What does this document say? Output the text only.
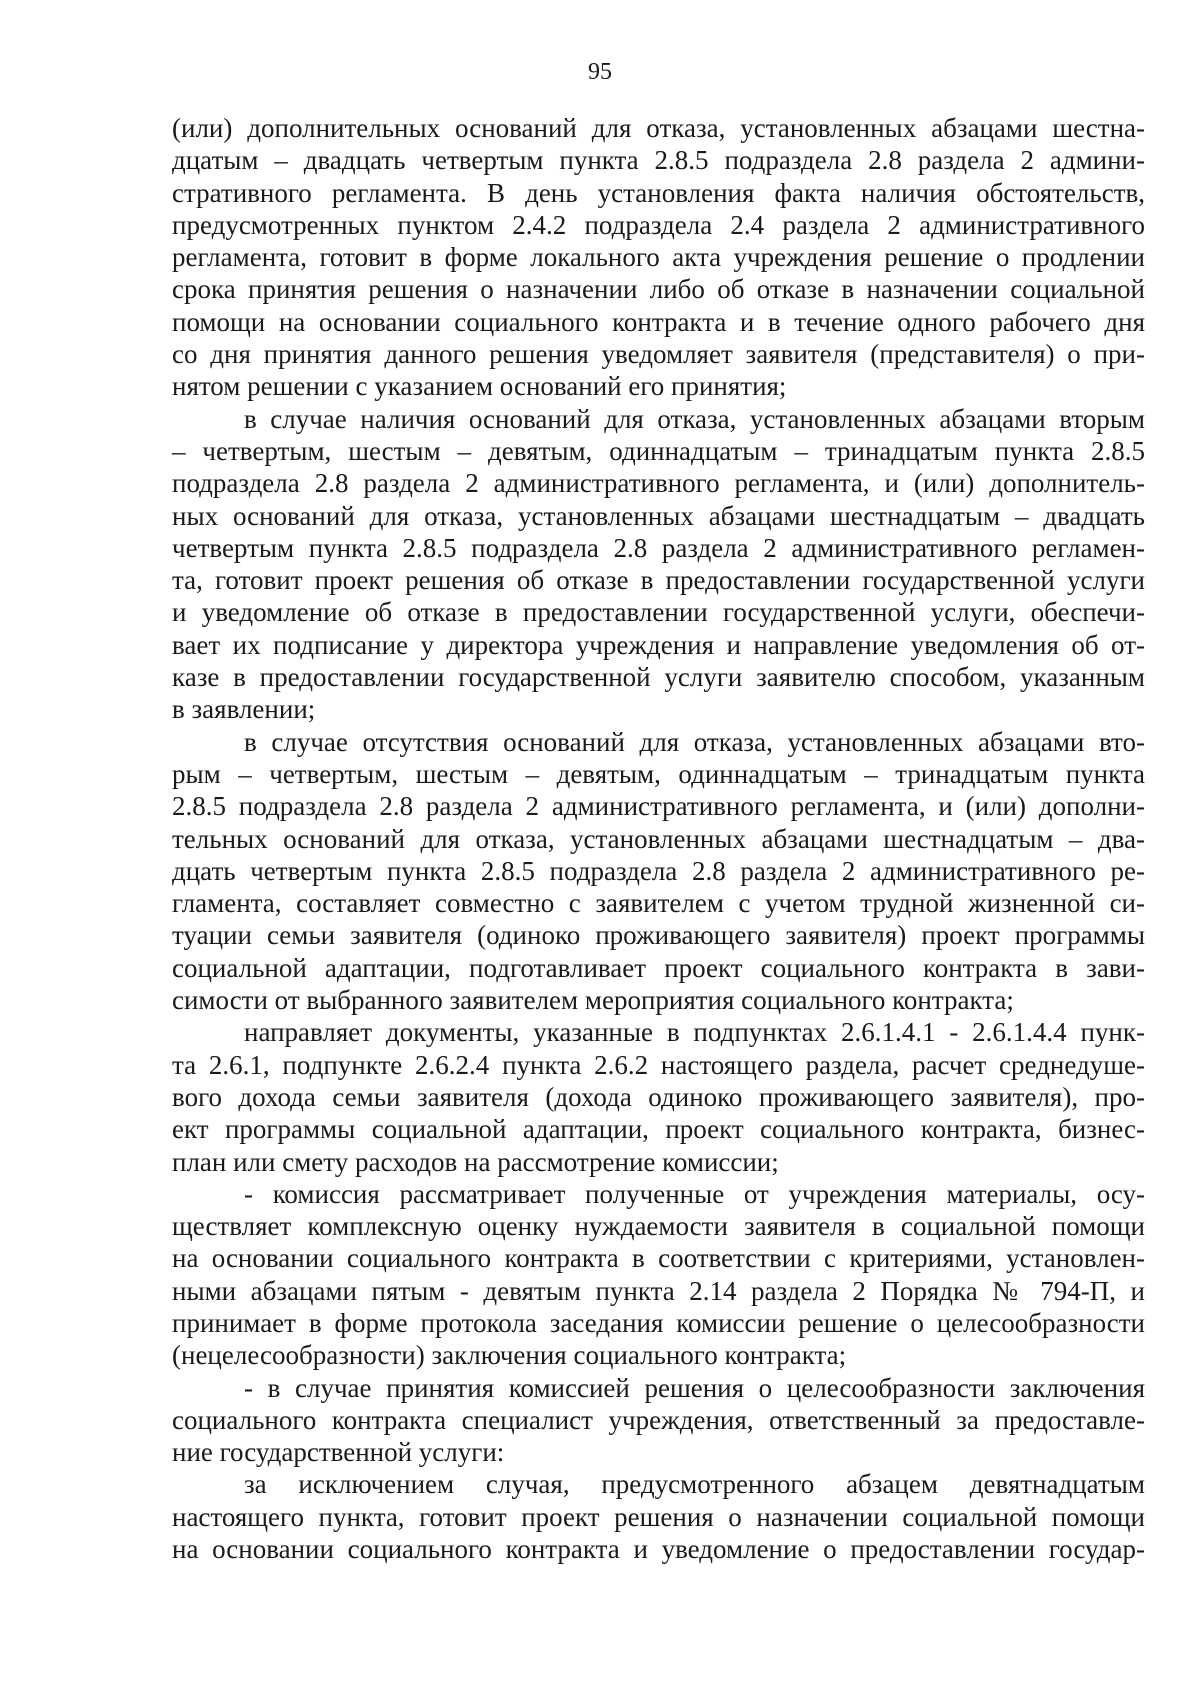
95
(или) дополнительных оснований для отказа, установленных абзацами шестна-
дцатым – двадцать четвертым пункта 2.8.5 подраздела 2.8 раздела 2 админи-
стративного регламента. В день установления факта наличия обстоятельств,
предусмотренных пунктом 2.4.2 подраздела 2.4 раздела 2 административного
регламента, готовит в форме локального акта учреждения решение о продлении
срока принятия решения о назначении либо об отказе в назначении социальной
помощи на основании социального контракта и в течение одного рабочего дня
со дня принятия данного решения уведомляет заявителя (представителя) о при-
нятом решении с указанием оснований его принятия;
в случае наличия оснований для отказа, установленных абзацами вторым
– четвертым, шестым – девятым, одиннадцатым – тринадцатым пункта 2.8.5
подраздела 2.8 раздела 2 административного регламента, и (или) дополнитель-
ных оснований для отказа, установленных абзацами шестнадцатым – двадцать
четвертым пункта 2.8.5 подраздела 2.8 раздела 2 административного регламен-
та, готовит проект решения об отказе в предоставлении государственной услуги
и уведомление об отказе в предоставлении государственной услуги, обеспечи-
вает их подписание у директора учреждения и направление уведомления об от-
казе в предоставлении государственной услуги заявителю способом, указанным
в заявлении;
в случае отсутствия оснований для отказа, установленных абзацами вто-
рым – четвертым, шестым – девятым, одиннадцатым – тринадцатым пункта
2.8.5 подраздела 2.8 раздела 2 административного регламента, и (или) дополни-
тельных оснований для отказа, установленных абзацами шестнадцатым – два-
дцать четвертым пункта 2.8.5 подраздела 2.8 раздела 2 административного ре-
гламента, составляет совместно с заявителем с учетом трудной жизненной си-
туации семьи заявителя (одиноко проживающего заявителя) проект программы
социальной адаптации, подготавливает проект социального контракта в зави-
симости от выбранного заявителем мероприятия социального контракта;
направляет документы, указанные в подпунктах 2.6.1.4.1 - 2.6.1.4.4 пунк-
та 2.6.1, подпункте 2.6.2.4 пункта 2.6.2 настоящего раздела, расчет среднедуше-
вого дохода семьи заявителя (дохода одиноко проживающего заявителя), про-
ект программы социальной адаптации, проект социального контракта, бизнес-
план или смету расходов на рассмотрение комиссии;
- комиссия рассматривает полученные от учреждения материалы, осу-
ществляет комплексную оценку нуждаемости заявителя в социальной помощи
на основании социального контракта в соответствии с критериями, установлен-
ными абзацами пятым - девятым пункта 2.14 раздела 2 Порядка № 794-П, и
принимает в форме протокола заседания комиссии решение о целесообразности
(нецелесообразности) заключения социального контракта;
- в случае принятия комиссией решения о целесообразности заключения
социального контракта специалист учреждения, ответственный за предоставле-
ние государственной услуги:
за исключением случая, предусмотренного абзацем девятнадцатым
настоящего пункта, готовит проект решения о назначении социальной помощи
на основании социального контракта и уведомление о предоставлении государ-
